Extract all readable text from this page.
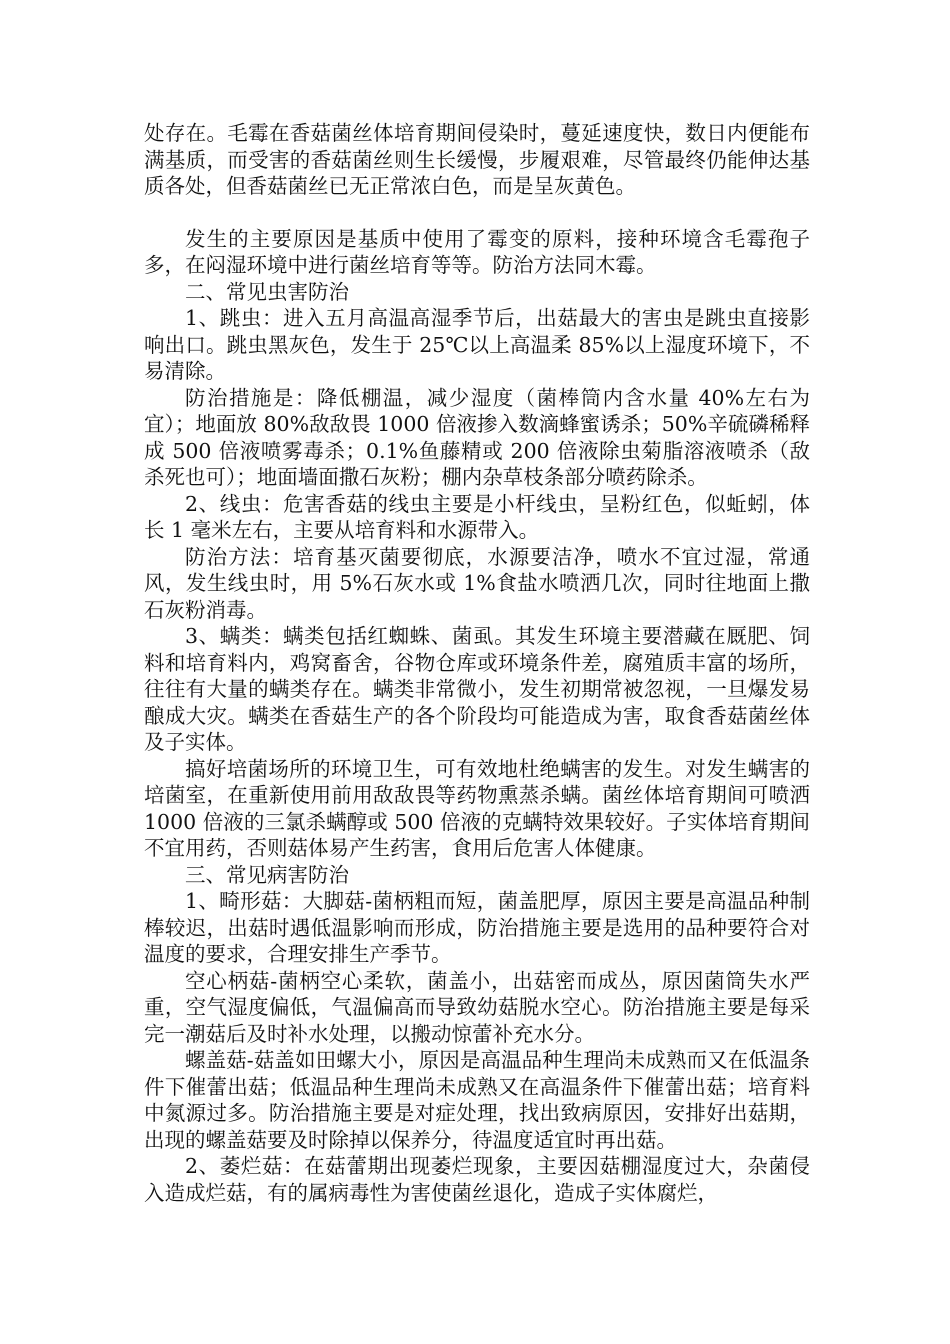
处存在。毛霉在香菇菌丝体培育期间侵染时，蔓延速度快，数日内便能布满基质，而受害的香菇菌丝则生长缓慢，步履艰难，尽管最终仍能伸达基质各处，但香菇菌丝已无正常浓白色，而是呈灰黄色。

发生的主要原因是基质中使用了霉变的原料，接种环境含毛霉孢子多，在闷湿环境中进行菌丝培育等等。防治方法同木霉。

二、常见虫害防治

1、跳虫：进入五月高温高湿季节后，出菇最大的害虫是跳虫直接影响出口。跳虫黑灰色，发生于 25℃以上高温柔 85%以上湿度环境下，不易清除。

防治措施是：降低棚温，减少湿度（菌棒筒内含水量 40%左右为宜）；地面放 80%敌敌畏 1000 倍液掺入数滴蜂蜜诱杀；50%辛硫磷稀释成 500 倍液喷雾毒杀；0.1%鱼藤精或 200 倍液除虫菊脂溶液喷杀（敌杀死也可）；地面墙面撒石灰粉；棚内杂草枝条部分喷药除杀。

2、线虫：危害香菇的线虫主要是小杆线虫，呈粉红色，似蚯蚓，体长 1 毫米左右，主要从培育料和水源带入。

防治方法：培育基灭菌要彻底，水源要洁净，喷水不宜过湿，常通风，发生线虫时，用 5%石灰水或 1%食盐水喷洒几次，同时往地面上撒石灰粉消毒。

3、螨类：螨类包括红蜘蛛、菌虱。其发生环境主要潜藏在厩肥、饲料和培育料内，鸡窝畜舍，谷物仓库或环境条件差，腐殖质丰富的场所，往往有大量的螨类存在。螨类非常微小，发生初期常被忽视，一旦爆发易酿成大灾。螨类在香菇生产的各个阶段均可能造成为害，取食香菇菌丝体及子实体。

搞好培菌场所的环境卫生，可有效地杜绝螨害的发生。对发生螨害的培菌室，在重新使用前用敌敌畏等药物熏蒸杀螨。菌丝体培育期间可喷洒 1000 倍液的三氯杀螨醇或 500 倍液的克螨特效果较好。子实体培育期间不宜用药，否则菇体易产生药害，食用后危害人体健康。

三、常见病害防治

1、畸形菇：大脚菇-菌柄粗而短，菌盖肥厚，原因主要是高温品种制棒较迟，出菇时遇低温影响而形成，防治措施主要是选用的品种要符合对温度的要求，合理安排生产季节。

空心柄菇-菌柄空心柔软，菌盖小，出菇密而成丛，原因菌筒失水严重，空气湿度偏低，气温偏高而导致幼菇脱水空心。防治措施主要是每采完一潮菇后及时补水处理，以搬动惊蕾补充水分。

螺盖菇-菇盖如田螺大小，原因是高温品种生理尚未成熟而又在低温条件下催蕾出菇；低温品种生理尚未成熟又在高温条件下催蕾出菇；培育料中氮源过多。防治措施主要是对症处理，找出致病原因，安排好出菇期，出现的螺盖菇要及时除掉以保养分，待温度适宜时再出菇。

2、萎烂菇：在菇蕾期出现萎烂现象，主要因菇棚湿度过大，杂菌侵入造成烂菇，有的属病毒性为害使菌丝退化，造成子实体腐烂，
